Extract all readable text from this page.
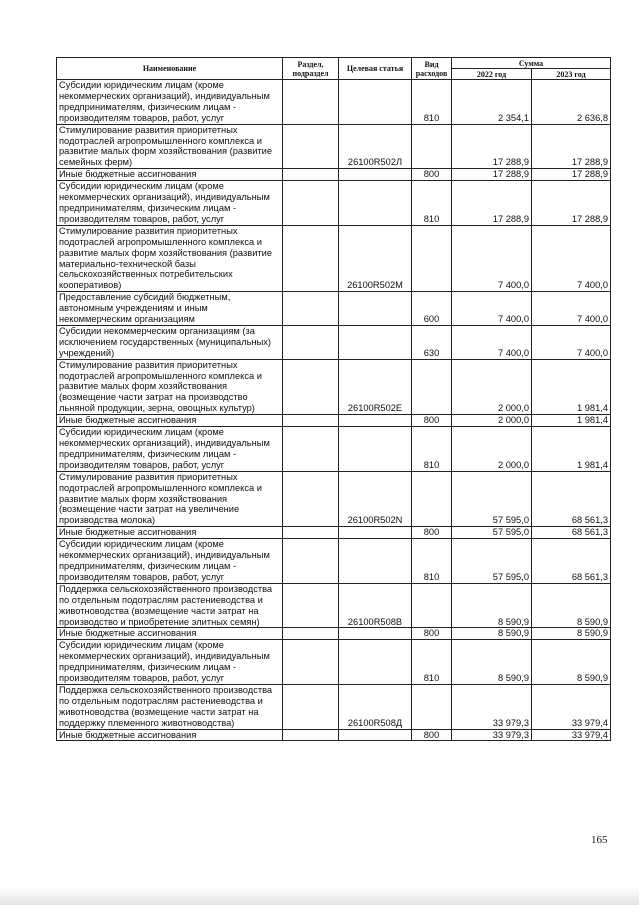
Наименование	Раздел, подраздел	Целевая статья	Вид расходов	Сумма	
				2022 год	2023 год
Субсидии юридическим лицам (кроме некоммерческих организаций), индивидуальным предпринимателям, физическим лицам - производителям товаров, работ, услуг			810	2 354,1	2 636,8
Стимулирование развития приоритетных подотраслей агропромышленного комплекса и развитие малых форм хозяйствования (развитие семейных ферм)		26100R502Л		17 288,9	17 288,9
Иные бюджетные ассигнования			800	17 288,9	17 288,9
Субсидии юридическим лицам (кроме некоммерческих организаций), индивидуальным предпринимателям, физическим лицам - производителям товаров, работ, услуг			810	17 288,9	17 288,9
Стимулирование развития приоритетных подотраслей агропромышленного комплекса и развитие малых форм хозяйствования (развитие материально-технической базы сельскохозяйственных потребительских кооперативов)		26100R502М		7 400,0	7 400,0
Предоставление субсидий бюджетным, автономным учреждениям и иным некоммерческим организациям			600	7 400,0	7 400,0
Субсидии некоммерческим организациям (за исключением государственных (муниципальных) учреждений)			630	7 400,0	7 400,0
Стимулирование развития приоритетных подотраслей агропромышленного комплекса и развитие малых форм хозяйствования (возмещение части затрат на производство льняной продукции, зерна, овощных культур)		26100R502Е		2 000,0	1 981,4
Иные бюджетные ассигнования			800	2 000,0	1 981,4
Субсидии юридическим лицам (кроме некоммерческих организаций), индивидуальным предпринимателям, физическим лицам - производителям товаров, работ, услуг			810	2 000,0	1 981,4
Стимулирование развития приоритетных подотраслей агропромышленного комплекса и развитие малых форм хозяйствования (возмещение части затрат на увеличение производства молока)		26100R502N		57 595,0	68 561,3
Иные бюджетные ассигнования			800	57 595,0	68 561,3
Субсидии юридическим лицам (кроме некоммерческих организаций), индивидуальным предпринимателям, физическим лицам - производителям товаров, работ, услуг			810	57 595,0	68 561,3
Поддержка сельскохозяйственного производства по отдельным подотраслям растениеводства и животноводства (возмещение части затрат на производство и приобретение элитных семян)		26100R508В		8 590,9	8 590,9
Иные бюджетные ассигнования			800	8 590,9	8 590,9
Субсидии юридическим лицам (кроме некоммерческих организаций), индивидуальным предпринимателям, физическим лицам - производителям товаров, работ, услуг			810	8 590,9	8 590,9
Поддержка сельскохозяйственного производства по отдельным подотраслям растениеводства и животноводства (возмещение части затрат на поддержку племенного животноводства)		26100R508Д		33 979,3	33 979,4
Иные бюджетные ассигнования			800	33 979,3	33 979,4
165
